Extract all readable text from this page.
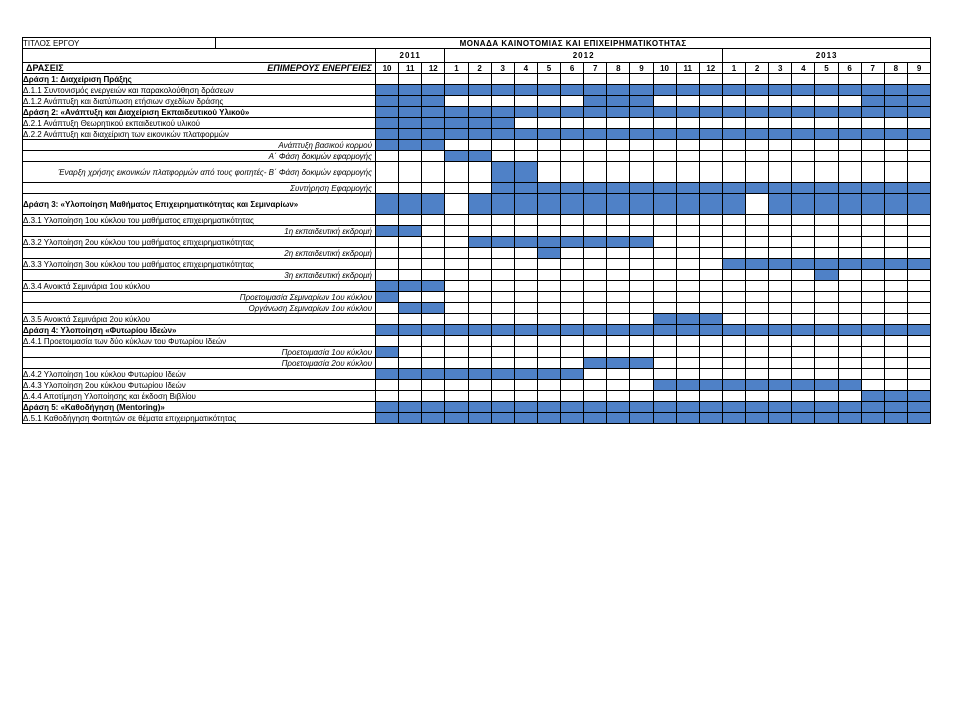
ΤΙΤΛΟΣ ΕΡΓΟΥ	ΜΟΝΑΔΑ ΚΑΙΝΟΤΟΜΙΑΣ ΚΑΙ ΕΠΙΧΕΙΡΗΜΑΤΙΚΟΤΗΤΑΣ																								
		2011			2012												2013								

ΔΡΑΣΕΙΣ ΕΠΙΜΕΡΟΥΣ ΕΝΕΡΓΕΙΕΣ		10	11	12	1	2	3	4	5	6	7	8	9	10	11	12	1	2	3	4	5	6	7	8	9
Δράση 1: Διαχείριση Πράξης																									
Δ.1.1 Συντονισμός ενεργειών και παρακολούθηση δράσεων																									
Δ.1.2 Ανάπτυξη και διατύπωση ετήσιων σχεδίων δράσης																									
Δράση 2: «Ανάπτυξη και Διαχείριση Εκπαιδευτικού Υλικού»																									
Δ.2.1 Ανάπτυξη Θεωρητικού εκπαιδευτικού υλικού																									
Δ.2.2 Ανάπτυξη και διαχείριση των εικονικών πλατφορμών																									
Ανάπτυξη βασικού κορμού																									
Α΄ Φάση δοκιμών εφαρμογής																									
Έναρξη χρήσης εικονικών πλατφορμών από τους φοιτητές- Β΄ Φάση δοκιμών εφαρμογής																									
Συντήρηση Εφαρμογής																									
Δράση 3: «Υλοποίηση Μαθήματος Επιχειρηματικότητας και Σεμιναρίων»																									
Δ.3.1 Υλοποίηση 1ου κύκλου του μαθήματος επιχειρηματικότητας																									
1η εκπαιδευτική εκδρομή																									
Δ.3.2 Υλοποίηση 2ου κύκλου του μαθήματος επιχειρηματικότητας																									
2η εκπαιδευτική εκδρομή																									
Δ.3.3 Υλοποίηση 3ου κύκλου του μαθήματος επιχειρηματικότητας																									
3η εκπαιδευτική εκδρομή																									
Δ.3.4 Ανοικτά Σεμινάρια 1ου κύκλου																									
Προετοιμασία Σεμιναρίων 1ου κύκλου																									
Οργάνωση Σεμιναρίων 1ου κύκλου																									
Δ.3.5 Ανοικτά Σεμινάρια 2ου κύκλου																									
Δράση 4: Υλοποίηση «Φυτωρίου Ιδεών»																									
Δ.4.1 Προετοιμασία των δύο κύκλων του Φυτωρίου Ιδεών																									
Προετοιμασία 1ου κύκλου																									
Προετοιμασία 2ου κύκλου																									
Δ.4.2 Υλοποίηση 1ου κύκλου Φυτωρίου Ιδεών																									
Δ.4.3 Υλοποίηση 2ου κύκλου Φυτωρίου Ιδεών																									
Δ.4.4 Αποτίμηση Υλοποίησης και έκδοση Βιβλίου																									
Δράση 5: «Καθοδήγηση (Mentoring)»																									
Δ.5.1 Καθοδήγηση Φοιτητών σε θέματα επιχειρηματικότητας																									
